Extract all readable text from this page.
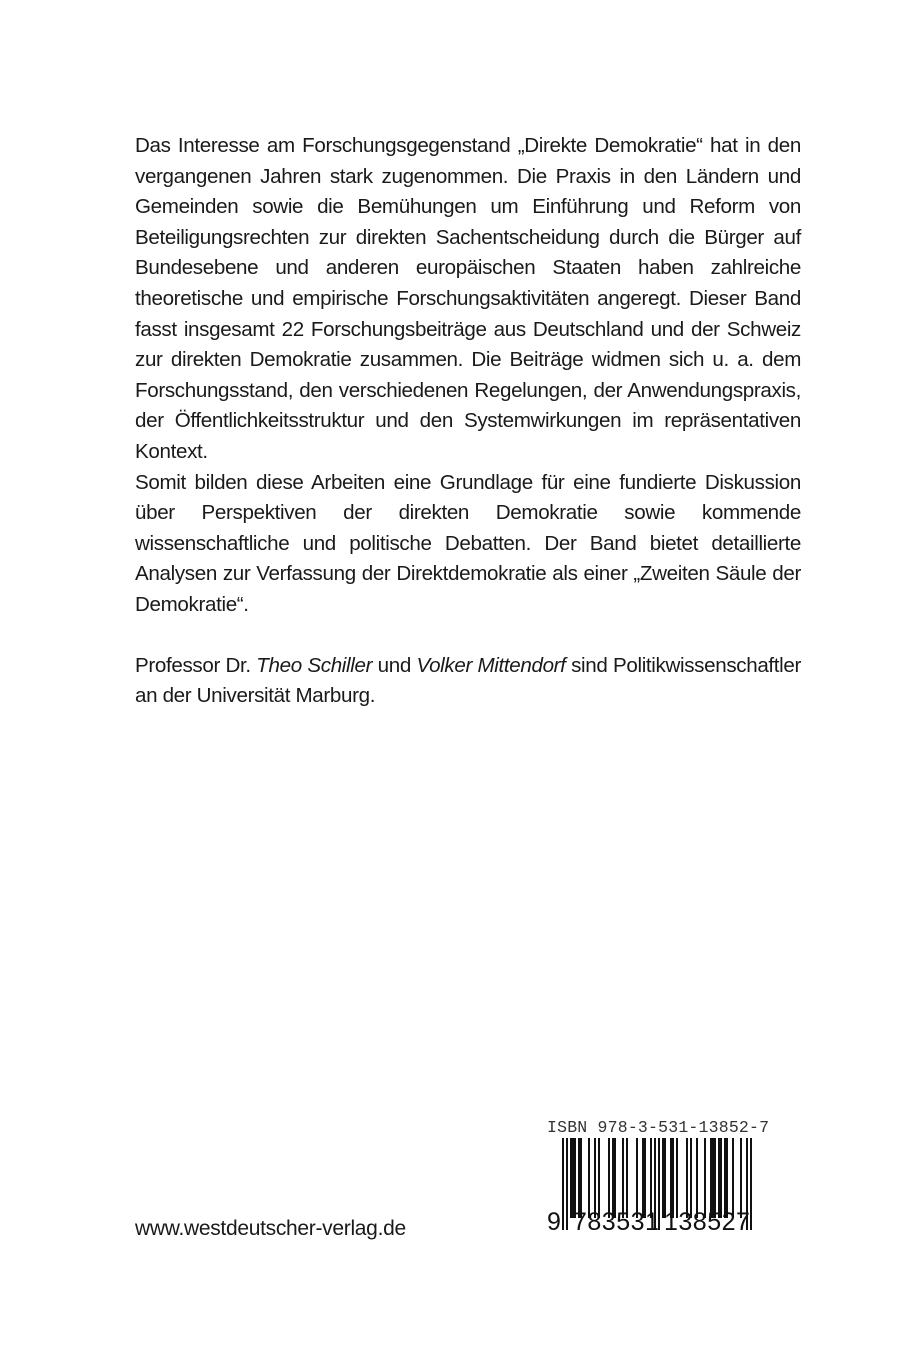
Das Interesse am Forschungsgegenstand „Direkte Demokratie“ hat in den vergangenen Jahren stark zugenommen. Die Praxis in den Ländern und Gemeinden sowie die Bemühungen um Einführung und Reform von Beteiligungsrechten zur direkten Sachentscheidung durch die Bürger auf Bundesebene und anderen europäischen Staaten haben zahlreiche theoretische und empirische Forschungsaktivitäten angeregt. Dieser Band fasst insgesamt 22 Forschungsbeiträge aus Deutschland und der Schweiz zur direkten Demokratie zusammen. Die Beiträge widmen sich u. a. dem Forschungsstand, den verschiedenen Regelungen, der Anwendungspraxis, der Öffentlichkeitsstruktur und den Systemwirkungen im repräsentativen Kontext.

Somit bilden diese Arbeiten eine Grundlage für eine fundierte Diskussion über Perspektiven der direkten Demokratie sowie kommende wissenschaftliche und politische Debatten. Der Band bietet detaillierte Analysen zur Verfassung der Direktdemokratie als einer „Zweiten Säule der Demokratie“.

Professor Dr. Theo Schiller und Volker Mittendorf sind Politikwissenschaftler an der Universität Marburg.

www.westdeutscher-verlag.de
ISBN 978-3-531-13852-7
9 783531 138527
